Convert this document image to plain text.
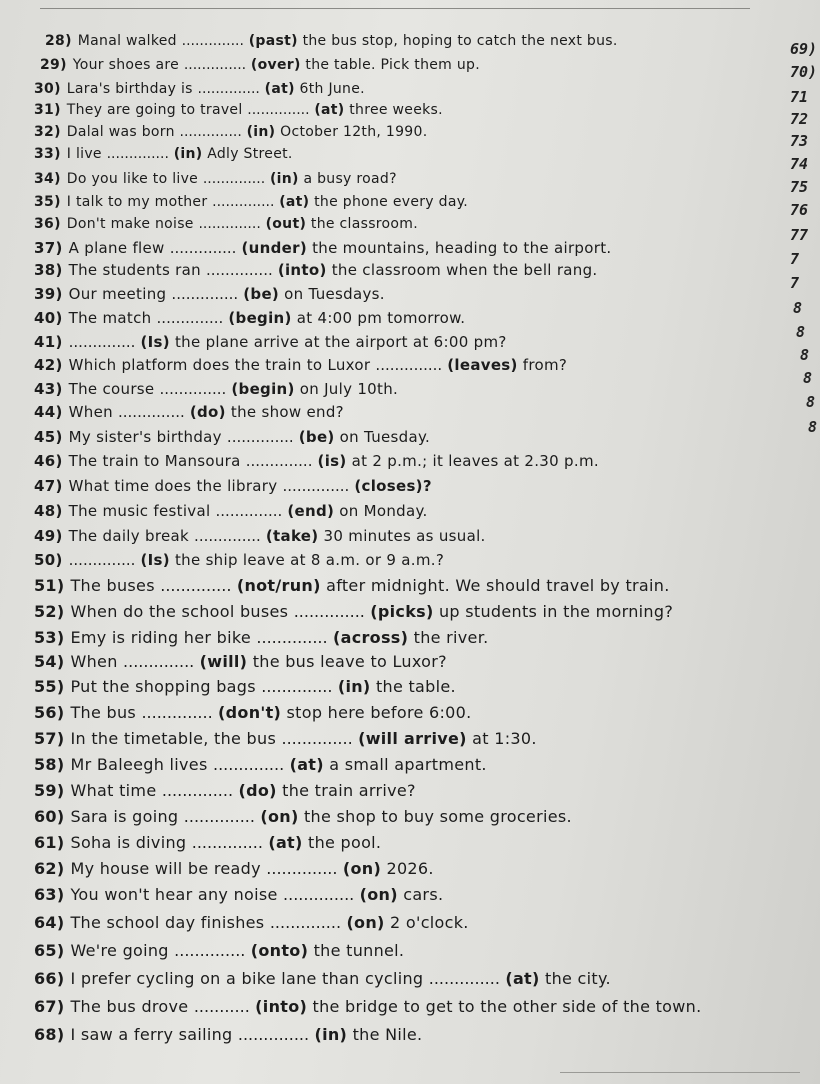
28) Manal walked .............. (past) the bus stop, hoping to catch the next bus.
29) Your shoes are .............. (over) the table. Pick them up.
30) Lara's birthday is .............. (at) 6th June.
31) They are going to travel .............. (at) three weeks.
32) Dalal was born .............. (in) October 12th, 1990.
33) I live .............. (in) Adly Street.
34) Do you like to live .............. (in) a busy road?
35) I talk to my mother .............. (at) the phone every day.
36) Don't make noise .............. (out) the classroom.
37) A plane flew .............. (under) the mountains, heading to the airport.
38) The students ran .............. (into) the classroom when the bell rang.
39) Our meeting .............. (be) on Tuesdays.
40) The match .............. (begin) at 4:00 pm tomorrow.
41) .............. (Is) the plane arrive at the airport at 6:00 pm?
42) Which platform does the train to Luxor .............. (leaves) from?
43) The course .............. (begin) on July 10th.
44) When .............. (do) the show end?
45) My sister's birthday .............. (be) on Tuesday.
46) The train to Mansoura .............. (is) at 2 p.m.; it leaves at 2.30 p.m.
47) What time does the library .............. (closes)?
48) The music festival .............. (end) on Monday.
49) The daily break .............. (take) 30 minutes as usual.
50) .............. (Is) the ship leave at 8 a.m. or 9 a.m.?
51) The buses .............. (not/run) after midnight. We should travel by train.
52) When do the school buses .............. (picks) up students in the morning?
53) Emy is riding her bike .............. (across) the river.
54) When .............. (will) the bus leave to Luxor?
55) Put the shopping bags .............. (in) the table.
56) The bus .............. (don't) stop here before 6:00.
57) In the timetable, the bus .............. (will arrive) at 1:30.
58) Mr Baleegh lives .............. (at) a small apartment.
59) What time .............. (do) the train arrive?
60) Sara is going .............. (on) the shop to buy some groceries.
61) Soha is diving .............. (at) the pool.
62) My house will be ready .............. (on) 2026.
63) You won't hear any noise .............. (on) cars.
64) The school day finishes .............. (on) 2 o'clock.
65) We're going .............. (onto) the tunnel.
66) I prefer cycling on a bike lane than cycling .............. (at) the city.
67) The bus drove ........... (into) the bridge to get to the other side of the town.
68) I saw a ferry sailing .............. (in) the Nile.
69)
70)
71
72
73
74
75
76
77
7
7
8
8
8
8
8
8
